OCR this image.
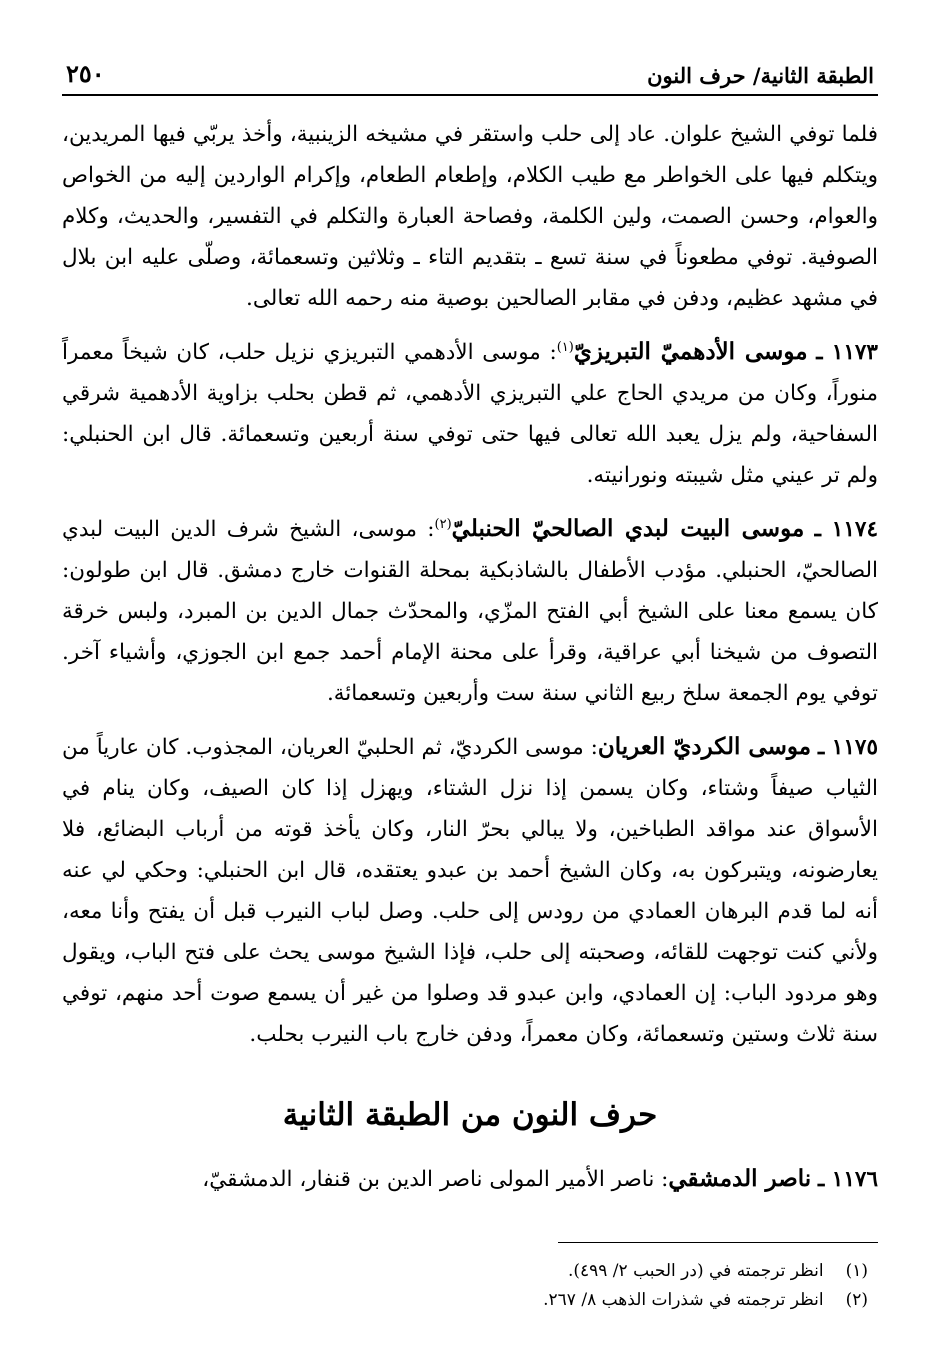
الطبقة الثانية/ حرف النون
٢٥٠

فلما توفي الشيخ علوان. عاد إلى حلب واستقر في مشيخه الزينبية، وأخذ يربّي فيها المريدين، ويتكلم فيها على الخواطر مع طيب الكلام، وإطعام الطعام، وإكرام الواردين إليه من الخواص والعوام، وحسن الصمت، ولين الكلمة، وفصاحة العبارة والتكلم في التفسير، والحديث، وكلام الصوفية. توفي مطعوناً في سنة تسع ـ بتقديم التاء ـ وثلاثين وتسعمائة، وصلّى عليه ابن بلال في مشهد عظيم، ودفن في مقابر الصالحين بوصية منه رحمه الله تعالى.

١١٧٣ ـ موسى الأدهميّ التبريزيّ$^{(١)}$: موسى الأدهمي التبريزي نزيل حلب، كان شيخاً معمراً منوراً، وكان من مريدي الحاج علي التبريزي الأدهمي، ثم قطن بحلب بزاوية الأدهمية شرقي السفاحية، ولم يزل يعبد الله تعالى فيها حتى توفي سنة أربعين وتسعمائة. قال ابن الحنبلي: ولم تر عيني مثل شيبته ونورانيته.

١١٧٤ ـ موسى البيت لبدي الصالحيّ الحنبليّ$^{(٢)}$: موسى، الشيخ شرف الدين البيت لبدي الصالحيّ، الحنبلي. مؤدب الأطفال بالشاذبكية بمحلة القنوات خارج دمشق. قال ابن طولون: كان يسمع معنا على الشيخ أبي الفتح المزّي، والمحدّث جمال الدين بن المبرد، ولبس خرقة التصوف من شيخنا أبي عراقية، وقرأ على محنة الإمام أحمد جمع ابن الجوزي، وأشياء آخر. توفي يوم الجمعة سلخ ربيع الثاني سنة ست وأربعين وتسعمائة.

١١٧٥ ـ موسى الكرديّ العريان: موسى الكرديّ، ثم الحلبيّ العريان، المجذوب. كان عارياً من الثياب صيفاً وشتاء، وكان يسمن إذا نزل الشتاء، ويهزل إذا كان الصيف، وكان ينام في الأسواق عند مواقد الطباخين، ولا يبالي بحرّ النار، وكان يأخذ قوته من أرباب البضائع، فلا يعارضونه، ويتبركون به، وكان الشيخ أحمد بن عبدو يعتقده، قال ابن الحنبلي: وحكي لي عنه أنه لما قدم البرهان العمادي من رودس إلى حلب. وصل لباب النيرب قبل أن يفتح وأنا معه، ولأني كنت توجهت للقائه، وصحبته إلى حلب، فإذا الشيخ موسى يحث على فتح الباب، ويقول وهو مردود الباب: إن العمادي، وابن عبدو قد وصلوا من غير أن يسمع صوت أحد منهم، توفي سنة ثلاث وستين وتسعمائة، وكان معمراً، ودفن خارج باب النيرب بحلب.

حرف النون من الطبقة الثانية

١١٧٦ ـ ناصر الدمشقي: ناصر الأمير المولى ناصر الدين بن قنفار، الدمشقيّ،

(١)
انظر ترجمته في (در الحبب ٢/ ٤٩٩).
(٢)
انظر ترجمته في شذرات الذهب ٨/ ٢٦٧.
